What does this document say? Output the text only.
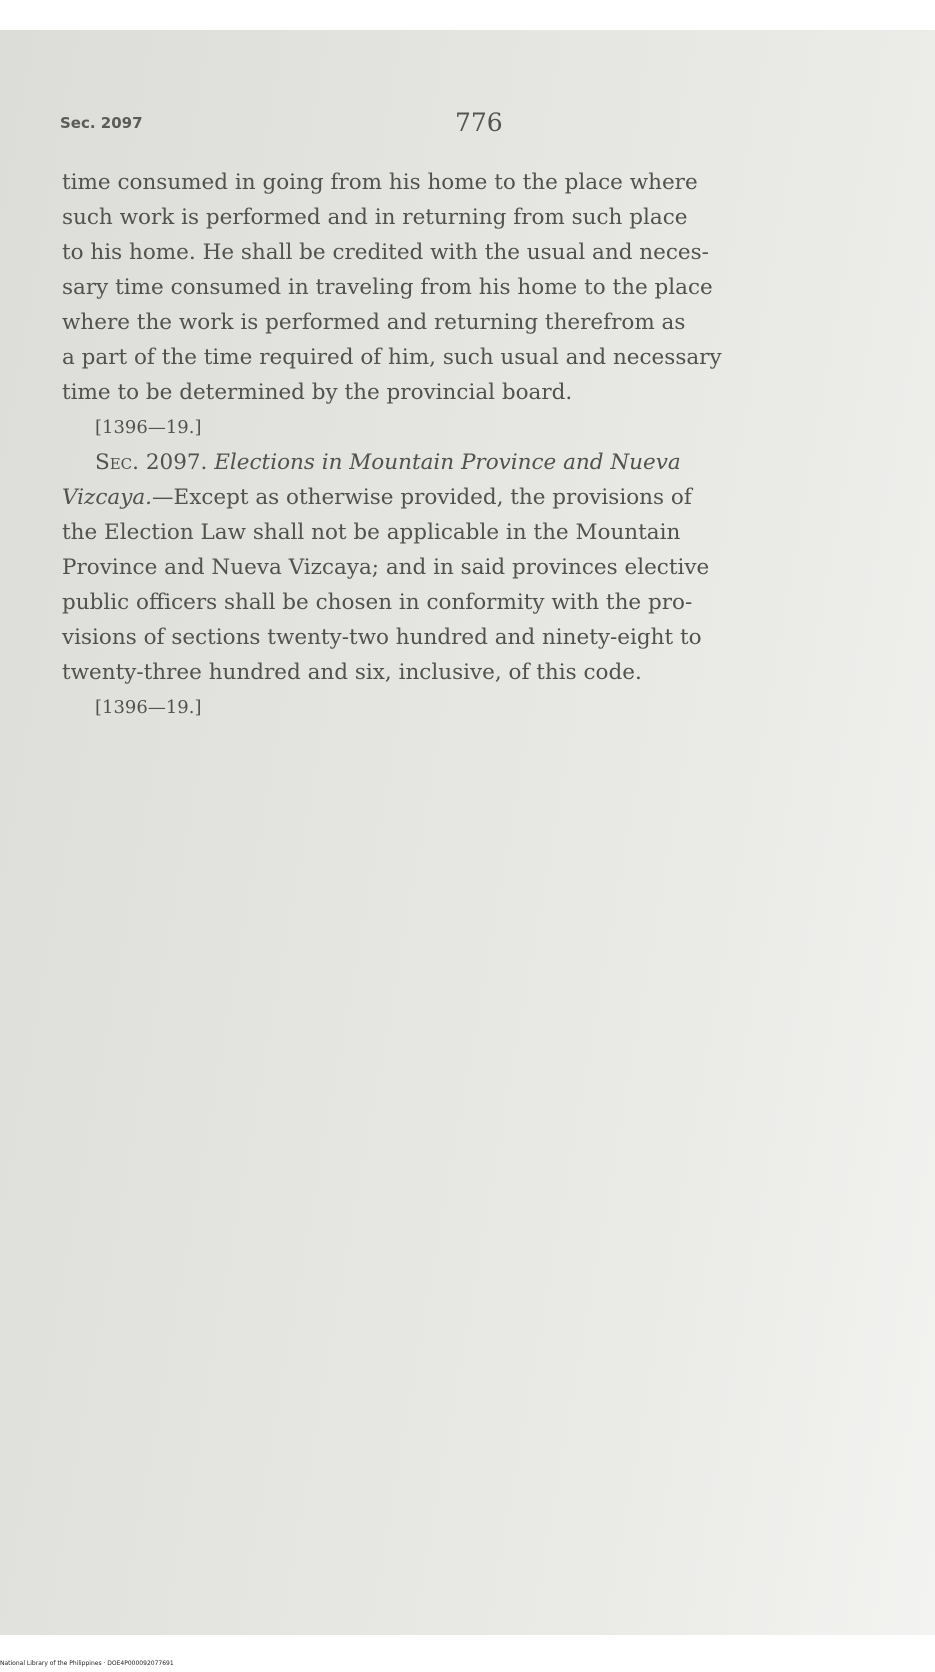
Sec. 2097	776
time consumed in going from his home to the place where
such work is performed and in returning from such place
to his home. He shall be credited with the usual and neces-
sary time consumed in traveling from his home to the place
where the work is performed and returning therefrom as
a part of the time required of him, such usual and necessary
time to be determined by the provincial board.
[1396—19.]
Sec. 2097. Elections in Mountain Province and Nueva
Vizcaya.—Except as otherwise provided, the provisions of
the Election Law shall not be applicable in the Mountain
Province and Nueva Vizcaya; and in said provinces elective
public officers shall be chosen in conformity with the pro-
visions of sections twenty-two hundred and ninety-eight to
twenty-three hundred and six, inclusive, of this code.
[1396—19.]
National Library of the Philippines · DOE4P000092077691
